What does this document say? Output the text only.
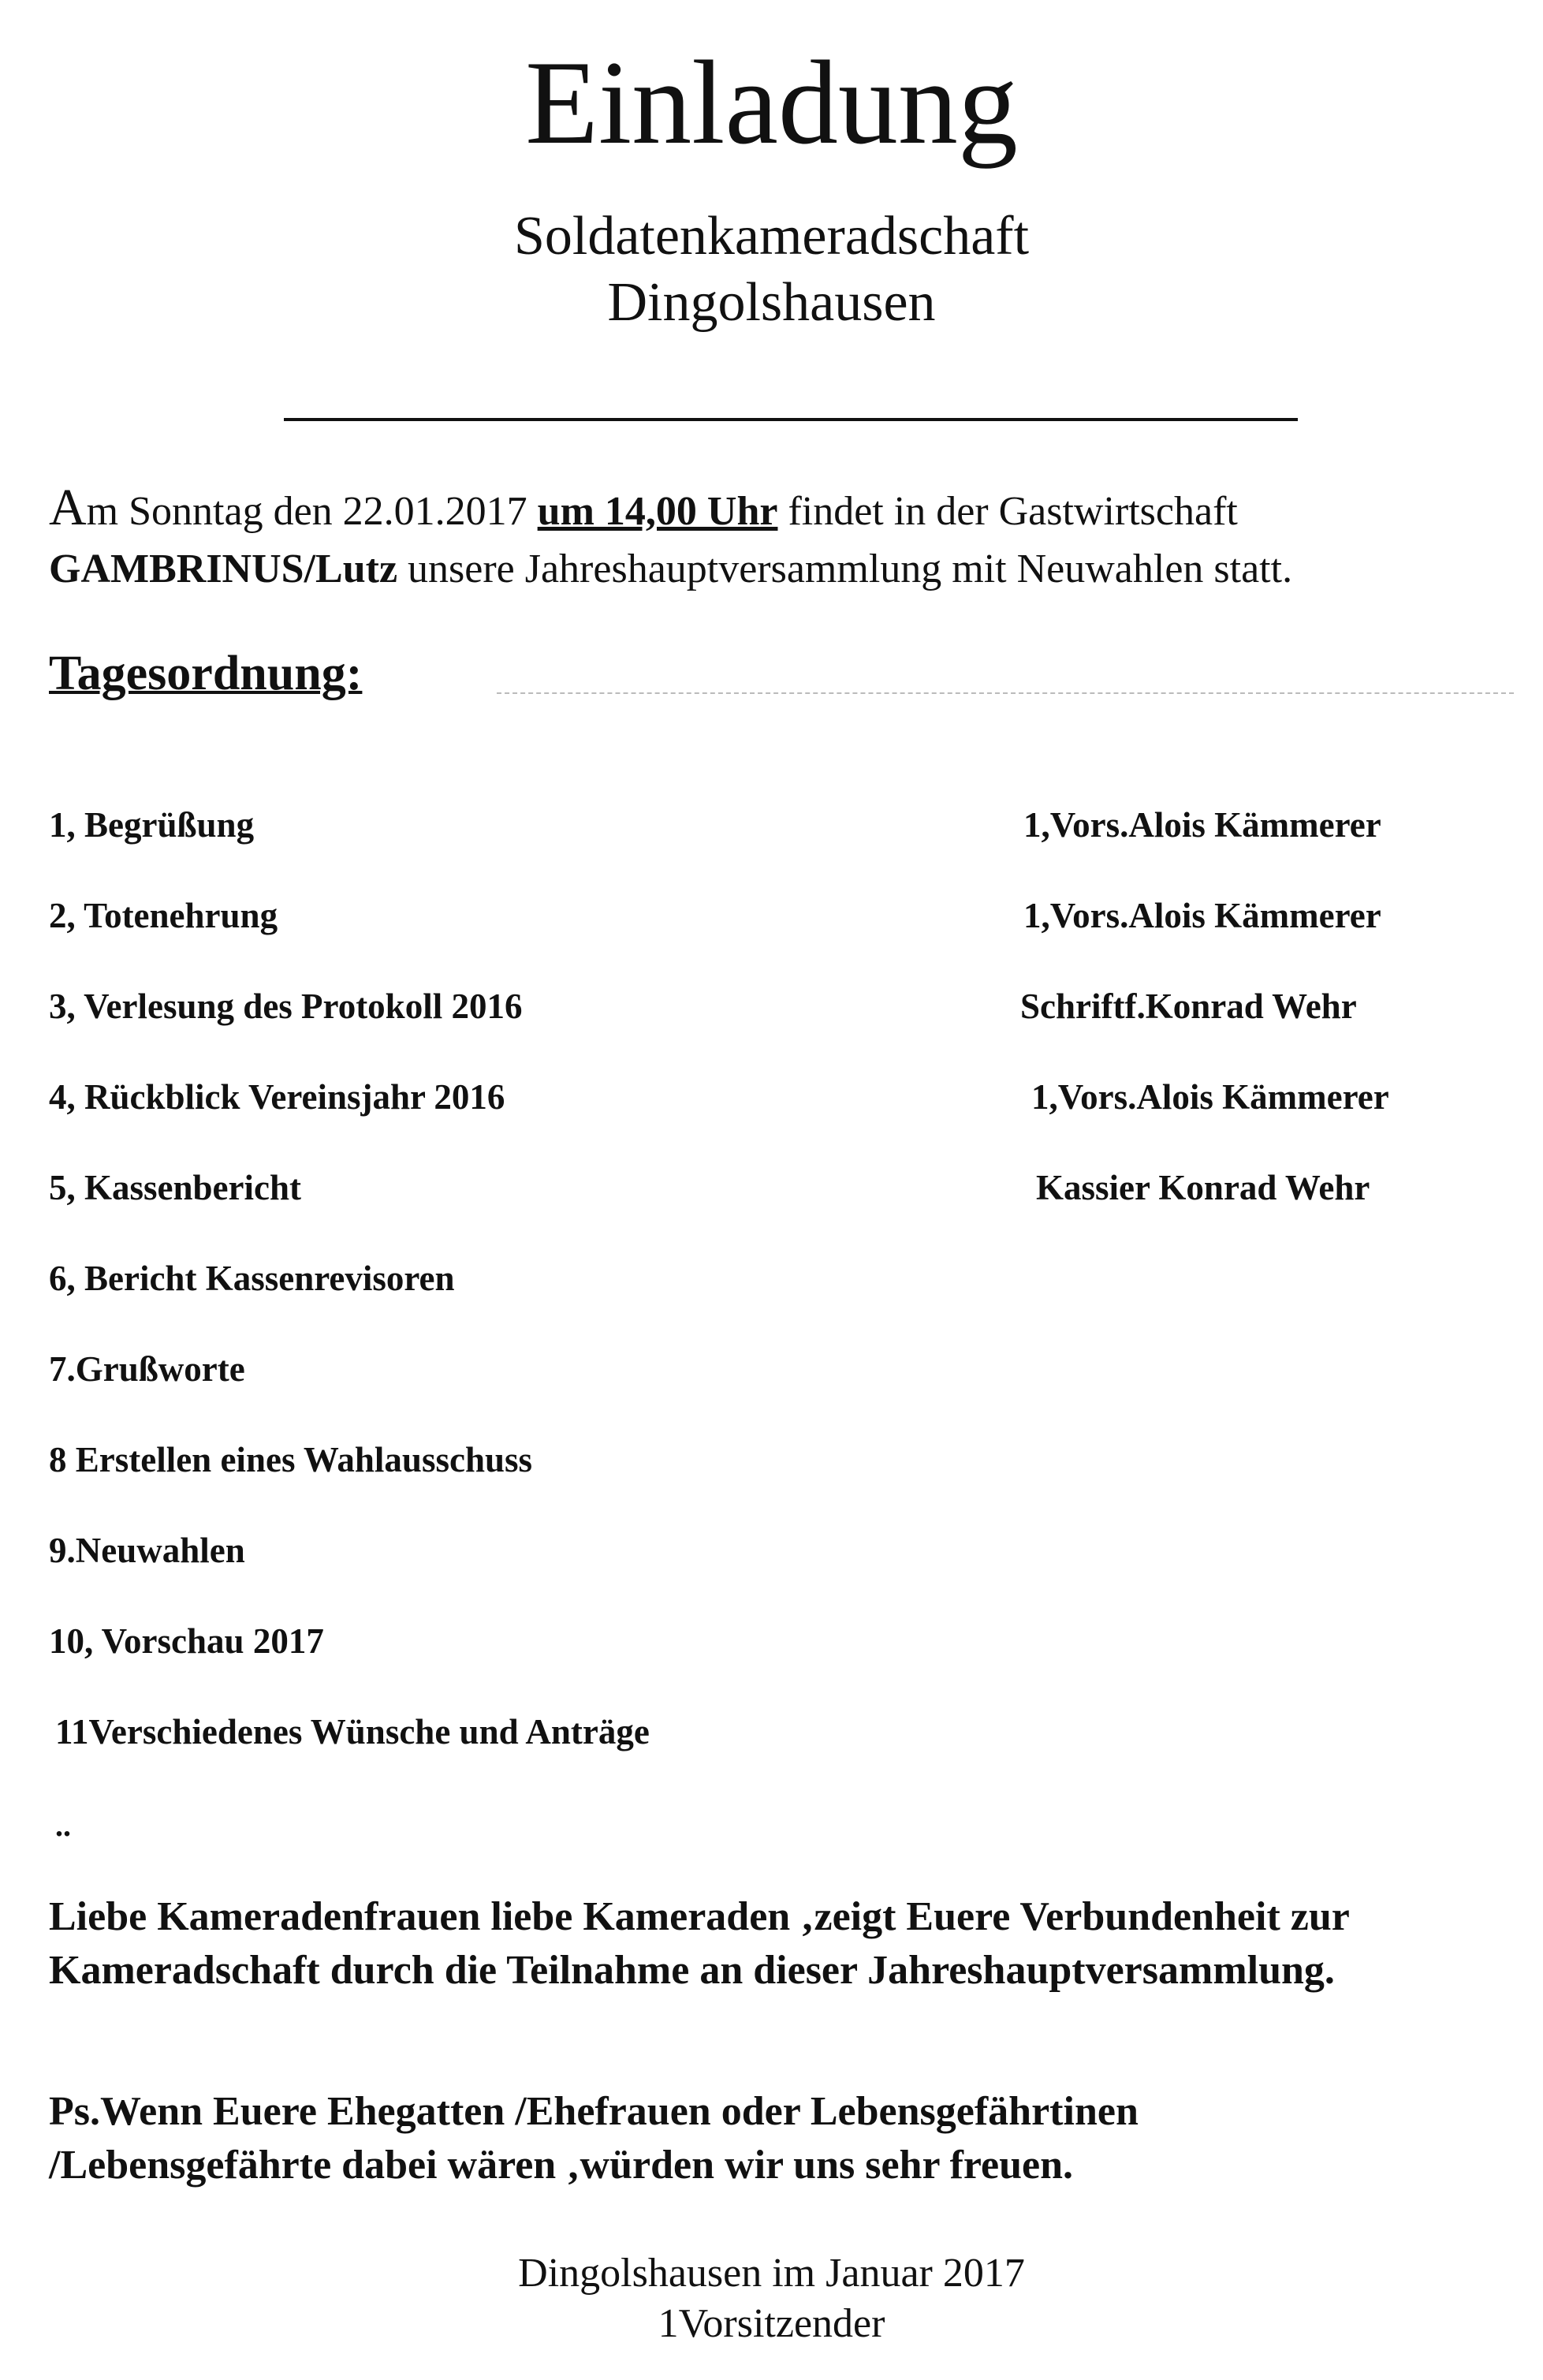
Einladung
Soldatenkameradschaft
Dingolshausen
Am Sonntag den 22.01.2017 um 14,00 Uhr findet in der Gastwirtschaft
GAMBRINUS/Lutz unsere Jahreshauptversammlung mit Neuwahlen statt.
Tagesordnung:
1, Begrüßung	1,Vors.Alois Kämmerer
2, Totenehrung	1,Vors.Alois Kämmerer
3, Verlesung des Protokoll 2016	Schriftf.Konrad Wehr
4, Rückblick Vereinsjahr 2016	1,Vors.Alois Kämmerer
5, Kassenbericht	Kassier Konrad Wehr
6, Bericht Kassenrevisoren
7.Grußworte
8 Erstellen eines Wahlausschuss
9.Neuwahlen
10, Vorschau 2017
11Verschiedenes Wünsche und Anträge
..
Liebe Kameradenfrauen liebe Kameraden ‚zeigt Euere Verbundenheit zur
Kameradschaft durch die Teilnahme an dieser Jahreshauptversammlung.
Ps.Wenn Euere Ehegatten /Ehefrauen oder Lebensgefährtinen
/Lebensgefährte dabei wären ‚würden wir uns sehr freuen.
Dingolshausen im Januar 2017
1Vorsitzender
